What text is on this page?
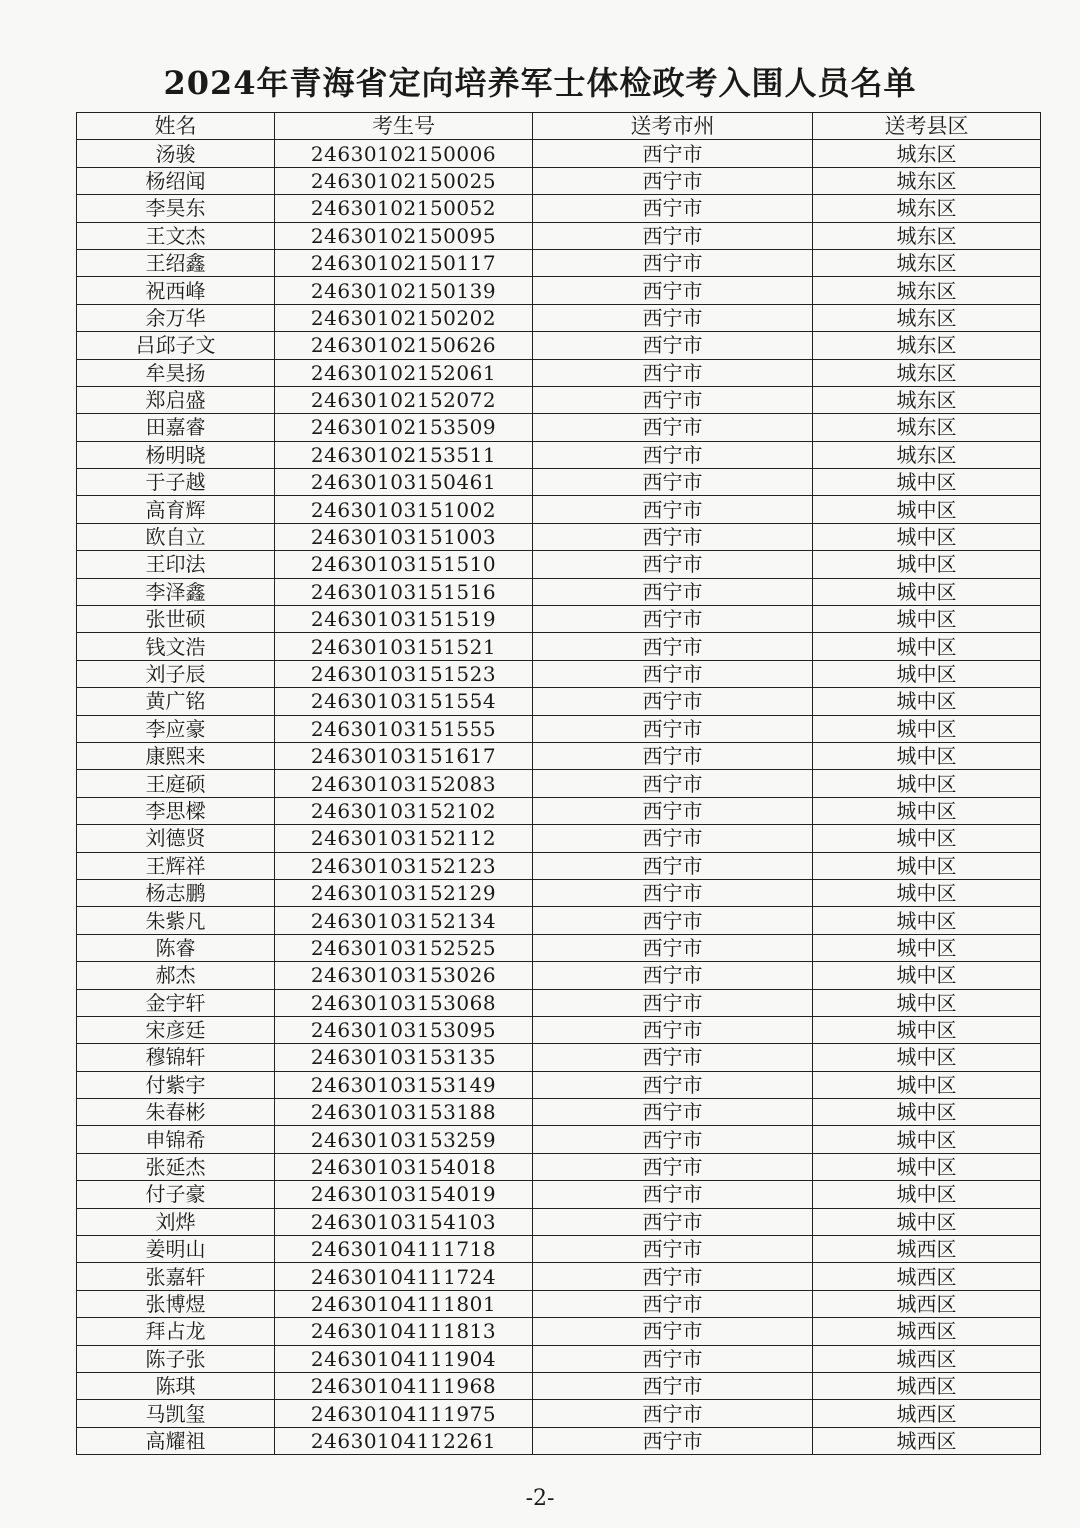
2024年青海省定向培养军士体检政考入围人员名单
姓名	考生号	送考市州	送考县区
汤骏	24630102150006	西宁市	城东区
杨绍闻	24630102150025	西宁市	城东区
李昊东	24630102150052	西宁市	城东区
王文杰	24630102150095	西宁市	城东区
王绍鑫	24630102150117	西宁市	城东区
祝西峰	24630102150139	西宁市	城东区
余万华	24630102150202	西宁市	城东区
吕邱子文	24630102150626	西宁市	城东区
牟昊扬	24630102152061	西宁市	城东区
郑启盛	24630102152072	西宁市	城东区
田嘉睿	24630102153509	西宁市	城东区
杨明晓	24630102153511	西宁市	城东区
于子越	24630103150461	西宁市	城中区
高育辉	24630103151002	西宁市	城中区
欧自立	24630103151003	西宁市	城中区
王印法	24630103151510	西宁市	城中区
李泽鑫	24630103151516	西宁市	城中区
张世硕	24630103151519	西宁市	城中区
钱文浩	24630103151521	西宁市	城中区
刘子辰	24630103151523	西宁市	城中区
黄广铭	24630103151554	西宁市	城中区
李应豪	24630103151555	西宁市	城中区
康熙来	24630103151617	西宁市	城中区
王庭硕	24630103152083	西宁市	城中区
李思樑	24630103152102	西宁市	城中区
刘德贤	24630103152112	西宁市	城中区
王辉祥	24630103152123	西宁市	城中区
杨志鹏	24630103152129	西宁市	城中区
朱紫凡	24630103152134	西宁市	城中区
陈睿	24630103152525	西宁市	城中区
郝杰	24630103153026	西宁市	城中区
金宇轩	24630103153068	西宁市	城中区
宋彦廷	24630103153095	西宁市	城中区
穆锦轩	24630103153135	西宁市	城中区
付紫宇	24630103153149	西宁市	城中区
朱春彬	24630103153188	西宁市	城中区
申锦希	24630103153259	西宁市	城中区
张延杰	24630103154018	西宁市	城中区
付子豪	24630103154019	西宁市	城中区
刘烨	24630103154103	西宁市	城中区
姜明山	24630104111718	西宁市	城西区
张嘉轩	24630104111724	西宁市	城西区
张博煜	24630104111801	西宁市	城西区
拜占龙	24630104111813	西宁市	城西区
陈子张	24630104111904	西宁市	城西区
陈琪	24630104111968	西宁市	城西区
马凯玺	24630104111975	西宁市	城西区
高耀祖	24630104112261	西宁市	城西区
-2-
